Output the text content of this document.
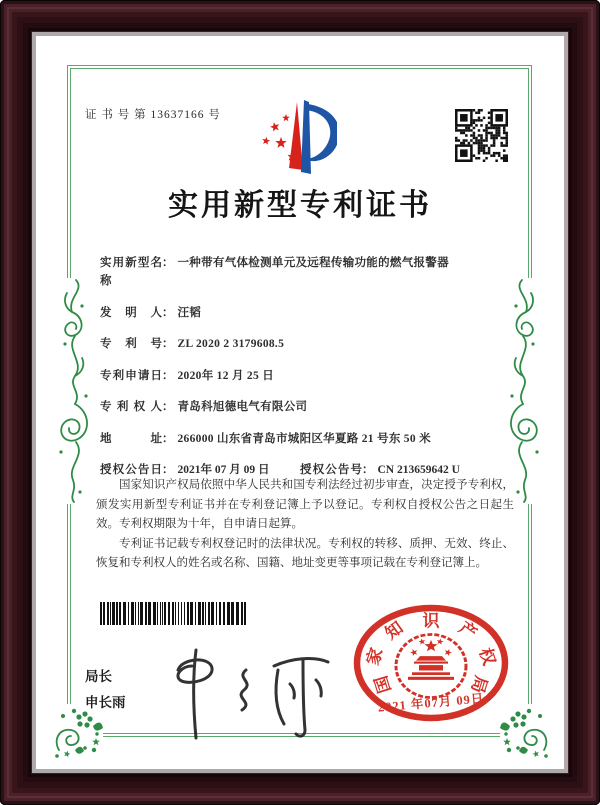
证 书 号 第 13637166 号
实用新型专利证书
实用新型名称
： 一种带有气体检测单元及远程传输功能的燃气报警器
发明人 ： 汪韬
专利号 ： ZL 2020 2 3179608.5
专利申请日 ： 2020年 12 月 25 日
专利权人 ： 青岛科旭德电气有限公司
地址 ： 266000 山东省青岛市城阳区华夏路 21 号东 50 米
授权公告日 ： 2021年 07 月 09 日	授权公告号 ： CN 213659642 U

国家知识产权局依照中华人民共和国专利法经过初步审查，决定授予专利权，颁发实用新型专利证书并在专利登记簿上予以登记。专利权自授权公告之日起生效。专利权期限为十年，自申请日起算。

专利证书记载专利权登记时的法律状况。专利权的转移、质押、无效、终止、恢复和专利权人的姓名或名称、国籍、地址变更等事项记载在专利登记簿上。

局长
申长雨
国
家
知 识 产
权
局
2021 年07月 09日
